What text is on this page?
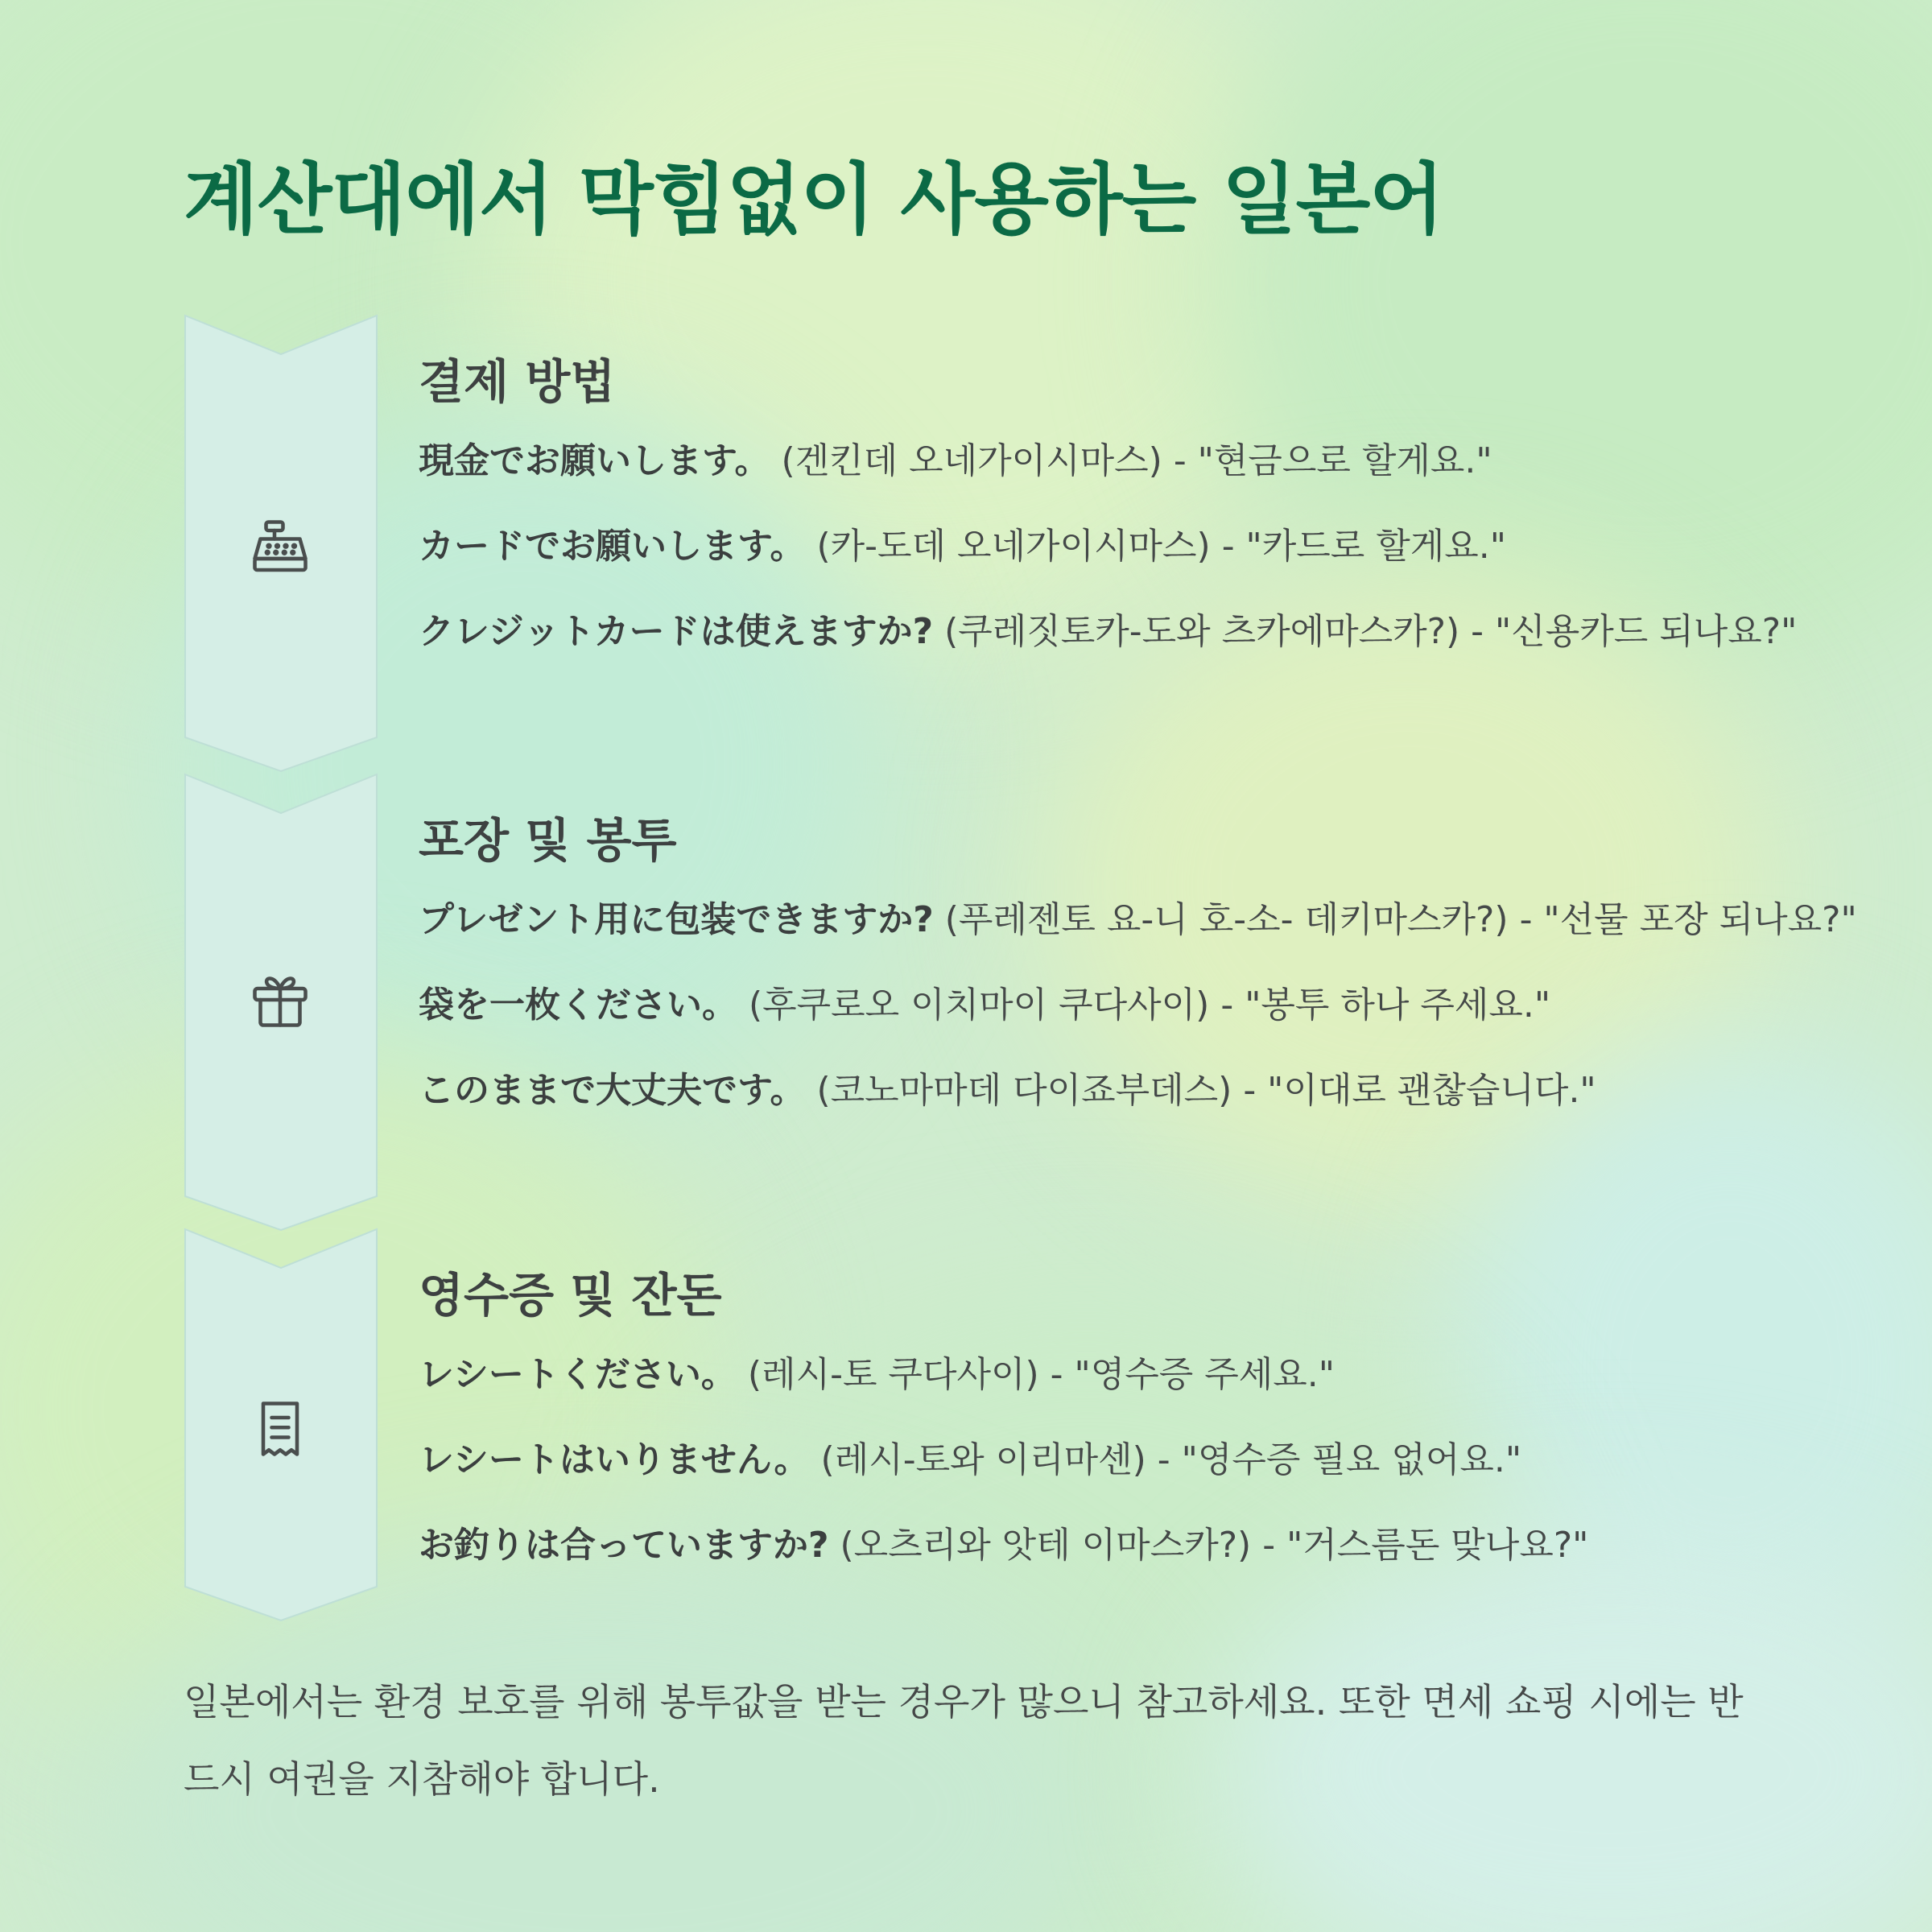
계산대에서 막힘없이 사용하는 일본어
결제 방법

現金でお願いします。 (겐킨데 오네가이시마스) - "현금으로 할게요."

カードでお願いします。 (카-도데 오네가이시마스) - "카드로 할게요."

クレジットカードは使えますか? (쿠레짓토카-도와 츠카에마스카?) - "신용카드 되나요?"

포장 및 봉투

プレゼント用に包装できますか? (푸레젠토 요-니 호-소- 데키마스카?) - "선물 포장 되나요?"

袋を一枚ください。 (후쿠로오 이치마이 쿠다사이) - "봉투 하나 주세요."

このままで大丈夫です。 (코노마마데 다이죠부데스) - "이대로 괜찮습니다."

영수증 및 잔돈

レシートください。 (레시-토 쿠다사이) - "영수증 주세요."

レシートはいりません。 (레시-토와 이리마센) - "영수증 필요 없어요."

お釣りは合っていますか? (오츠리와 앗테 이마스카?) - "거스름돈 맞나요?"

일본에서는 환경 보호를 위해 봉투값을 받는 경우가 많으니 참고하세요. 또한 면세 쇼핑 시에는 반드시 여권을 지참해야 합니다.
